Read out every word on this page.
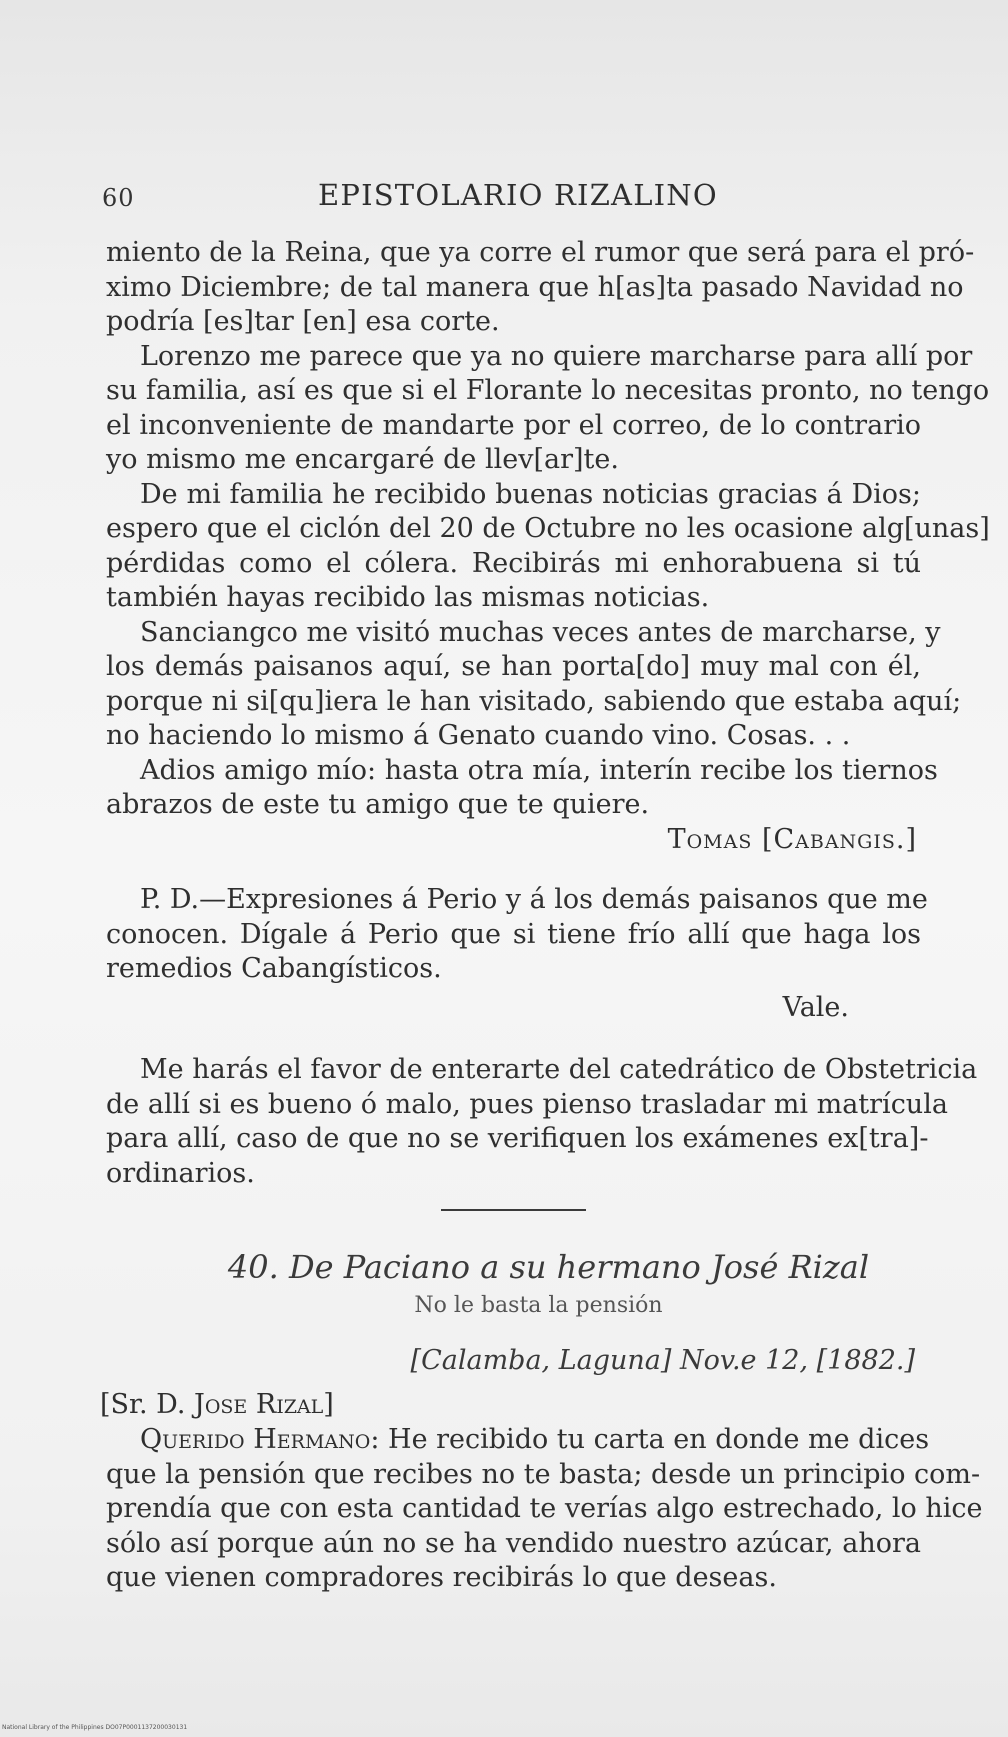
60	EPISTOLARIO RIZALINO
miento de la Reina, que ya corre el rumor que será para el pró-
ximo Diciembre; de tal manera que h[as]ta pasado Navidad no
podría [es]tar [en] esa corte.
Lorenzo me parece que ya no quiere marcharse para allí por
su familia, así es que si el Florante lo necesitas pronto, no tengo
el inconveniente de mandarte por el correo, de lo contrario
yo mismo me encargaré de llev[ar]te.
De mi familia he recibido buenas noticias gracias á Dios;
espero que el ciclón del 20 de Octubre no les ocasione alg[unas]
pérdidas como el cólera. Recibirás mi enhorabuena si tú
también hayas recibido las mismas noticias.
Sanciangco me visitó muchas veces antes de marcharse, y
los demás paisanos aquí, se han porta[do] muy mal con él,
porque ni si[qu]iera le han visitado, sabiendo que estaba aquí;
no haciendo lo mismo á Genato cuando vino. Cosas. . .
Adios amigo mío: hasta otra mía, interín recibe los tiernos
abrazos de este tu amigo que te quiere.
Tomas [Cabangis.]
P. D.—Expresiones á Perio y á los demás paisanos que me
conocen. Dígale á Perio que si tiene frío allí que haga los
remedios Cabangísticos.
Vale.
Me harás el favor de enterarte del catedrático de Obstetricia
de allí si es bueno ó malo, pues pienso trasladar mi matrícula
para allí, caso de que no se verifiquen los exámenes ex[tra]-
ordinarios.
40. De Paciano a su hermano José Rizal
No le basta la pensión
[Calamba, Laguna] Nov.e 12, [1882.]
[Sr. D. Jose Rizal]
Querido Hermano: He recibido tu carta en donde me dices
que la pensión que recibes no te basta; desde un principio com-
prendía que con esta cantidad te verías algo estrechado, lo hice
sólo así porque aún no se ha vendido nuestro azúcar, ahora
que vienen compradores recibirás lo que deseas.
National Library of the Philippines DO07P0001137200030131
